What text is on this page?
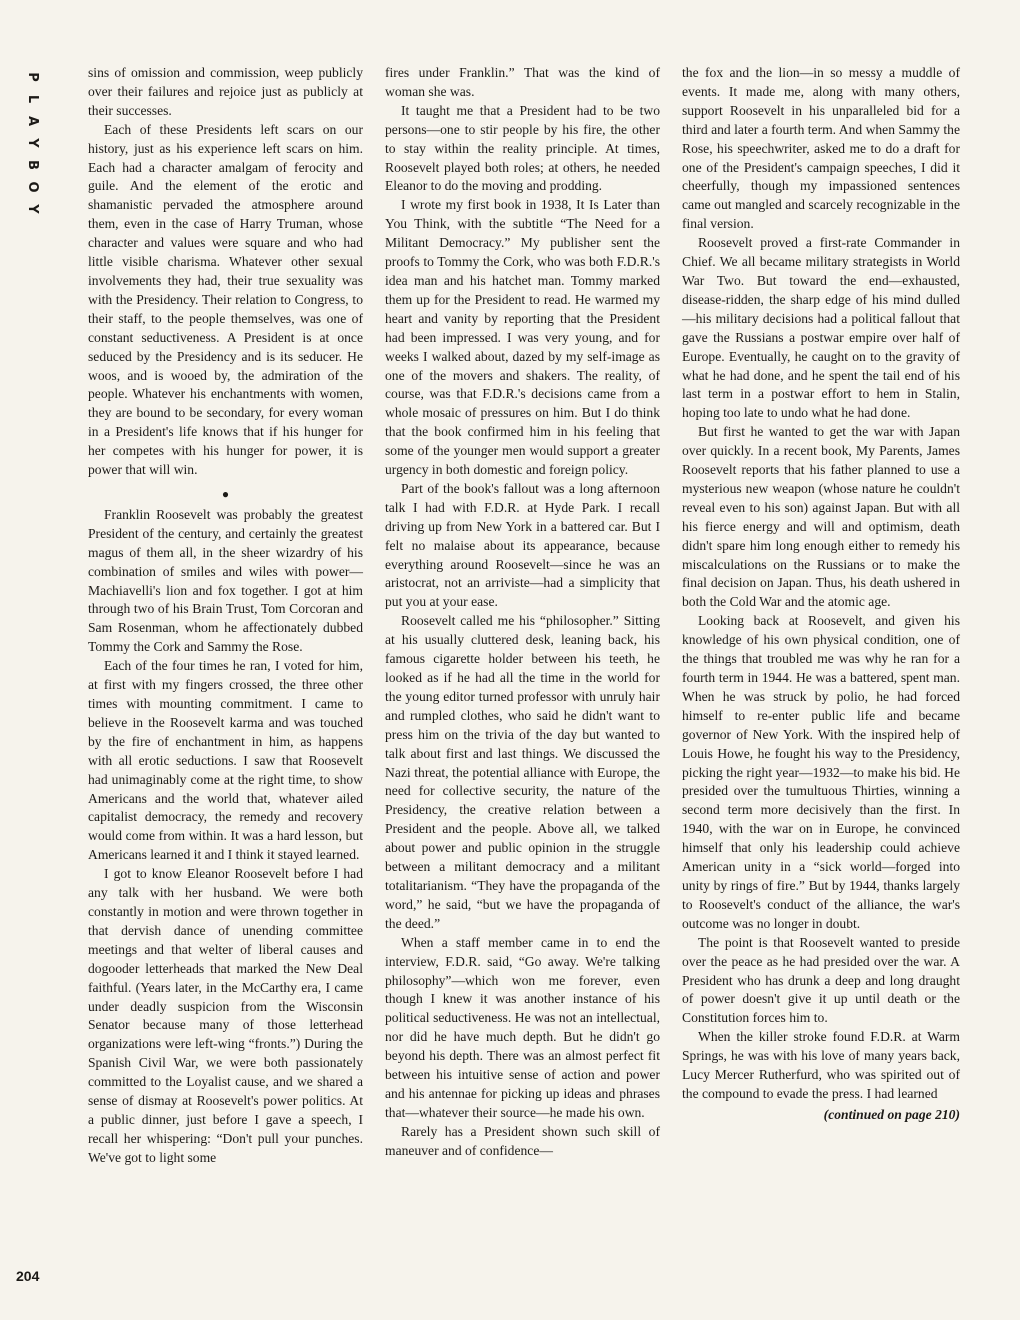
P
L
A
Y
B
O
Y

sins of omission and commission, weep publicly over their failures and rejoice just as publicly at their successes.

Each of these Presidents left scars on our history, just as his experience left scars on him. Each had a character amalgam of ferocity and guile. And the element of the erotic and shamanistic pervaded the atmosphere around them, even in the case of Harry Truman, whose character and values were square and who had little visible charisma. Whatever other sexual involvements they had, their true sexuality was with the Presidency. Their relation to Congress, to their staff, to the people themselves, was one of constant seductiveness. A President is at once seduced by the Presidency and is its seducer. He woos, and is wooed by, the admiration of the people. Whatever his enchantments with women, they are bound to be secondary, for every woman in a President's life knows that if his hunger for her competes with his hunger for power, it is power that will win.

●

Franklin Roosevelt was probably the greatest President of the century, and certainly the greatest magus of them all, in the sheer wizardry of his combination of smiles and wiles with power—Machiavelli's lion and fox together. I got at him through two of his Brain Trust, Tom Corcoran and Sam Rosenman, whom he affectionately dubbed Tommy the Cork and Sammy the Rose.

Each of the four times he ran, I voted for him, at first with my fingers crossed, the three other times with mounting commitment. I came to believe in the Roosevelt karma and was touched by the fire of enchantment in him, as happens with all erotic seductions. I saw that Roosevelt had unimaginably come at the right time, to show Americans and the world that, whatever ailed capitalist democracy, the remedy and recovery would come from within. It was a hard lesson, but Americans learned it and I think it stayed learned.

I got to know Eleanor Roosevelt before I had any talk with her husband. We were both constantly in motion and were thrown together in that dervish dance of unending committee meetings and that welter of liberal causes and dogooder letterheads that marked the New Deal faithful. (Years later, in the McCarthy era, I came under deadly suspicion from the Wisconsin Senator because many of those letterhead organizations were left-wing “fronts.”) During the Spanish Civil War, we were both passionately committed to the Loyalist cause, and we shared a sense of dismay at Roosevelt's power politics. At a public dinner, just before I gave a speech, I recall her whispering: “Don't pull your punches. We've got to light some

fires under Franklin.” That was the kind of woman she was.

It taught me that a President had to be two persons—one to stir people by his fire, the other to stay within the reality principle. At times, Roosevelt played both roles; at others, he needed Eleanor to do the moving and prodding.

I wrote my first book in 1938, It Is Later than You Think, with the subtitle “The Need for a Militant Democracy.” My publisher sent the proofs to Tommy the Cork, who was both F.D.R.'s idea man and his hatchet man. Tommy marked them up for the President to read. He warmed my heart and vanity by reporting that the President had been impressed. I was very young, and for weeks I walked about, dazed by my self-image as one of the movers and shakers. The reality, of course, was that F.D.R.'s decisions came from a whole mosaic of pressures on him. But I do think that the book confirmed him in his feeling that some of the younger men would support a greater urgency in both domestic and foreign policy.

Part of the book's fallout was a long afternoon talk I had with F.D.R. at Hyde Park. I recall driving up from New York in a battered car. But I felt no malaise about its appearance, because everything around Roosevelt—since he was an aristocrat, not an arriviste—had a simplicity that put you at your ease.

Roosevelt called me his “philosopher.” Sitting at his usually cluttered desk, leaning back, his famous cigarette holder between his teeth, he looked as if he had all the time in the world for the young editor turned professor with unruly hair and rumpled clothes, who said he didn't want to press him on the trivia of the day but wanted to talk about first and last things. We discussed the Nazi threat, the potential alliance with Europe, the need for collective security, the nature of the Presidency, the creative relation between a President and the people. Above all, we talked about power and public opinion in the struggle between a militant democracy and a militant totalitarianism. “They have the propaganda of the word,” he said, “but we have the propaganda of the deed.”

When a staff member came in to end the interview, F.D.R. said, “Go away. We're talking philosophy”—which won me forever, even though I knew it was another instance of his political seductiveness. He was not an intellectual, nor did he have much depth. But he didn't go beyond his depth. There was an almost perfect fit between his intuitive sense of action and power and his antennae for picking up ideas and phrases that—whatever their source—he made his own.

Rarely has a President shown such skill of maneuver and of confidence—

the fox and the lion—in so messy a muddle of events. It made me, along with many others, support Roosevelt in his unparalleled bid for a third and later a fourth term. And when Sammy the Rose, his speechwriter, asked me to do a draft for one of the President's campaign speeches, I did it cheerfully, though my impassioned sentences came out mangled and scarcely recognizable in the final version.

Roosevelt proved a first-rate Commander in Chief. We all became military strategists in World War Two. But toward the end—exhausted, disease-ridden, the sharp edge of his mind dulled—his military decisions had a political fallout that gave the Russians a postwar empire over half of Europe. Eventually, he caught on to the gravity of what he had done, and he spent the tail end of his last term in a postwar effort to hem in Stalin, hoping too late to undo what he had done.

But first he wanted to get the war with Japan over quickly. In a recent book, My Parents, James Roosevelt reports that his father planned to use a mysterious new weapon (whose nature he couldn't reveal even to his son) against Japan. But with all his fierce energy and will and optimism, death didn't spare him long enough either to remedy his miscalculations on the Russians or to make the final decision on Japan. Thus, his death ushered in both the Cold War and the atomic age.

Looking back at Roosevelt, and given his knowledge of his own physical condition, one of the things that troubled me was why he ran for a fourth term in 1944. He was a battered, spent man. When he was struck by polio, he had forced himself to re-enter public life and became governor of New York. With the inspired help of Louis Howe, he fought his way to the Presidency, picking the right year—1932—to make his bid. He presided over the tumultuous Thirties, winning a second term more decisively than the first. In 1940, with the war on in Europe, he convinced himself that only his leadership could achieve American unity in a “sick world—forged into unity by rings of fire.” But by 1944, thanks largely to Roosevelt's conduct of the alliance, the war's outcome was no longer in doubt.

The point is that Roosevelt wanted to preside over the peace as he had presided over the war. A President who has drunk a deep and long draught of power doesn't give it up until death or the Constitution forces him to.

When the killer stroke found F.D.R. at Warm Springs, he was with his love of many years back, Lucy Mercer Rutherfurd, who was spirited out of the compound to evade the press. I had learned

(continued on page 210)
204
